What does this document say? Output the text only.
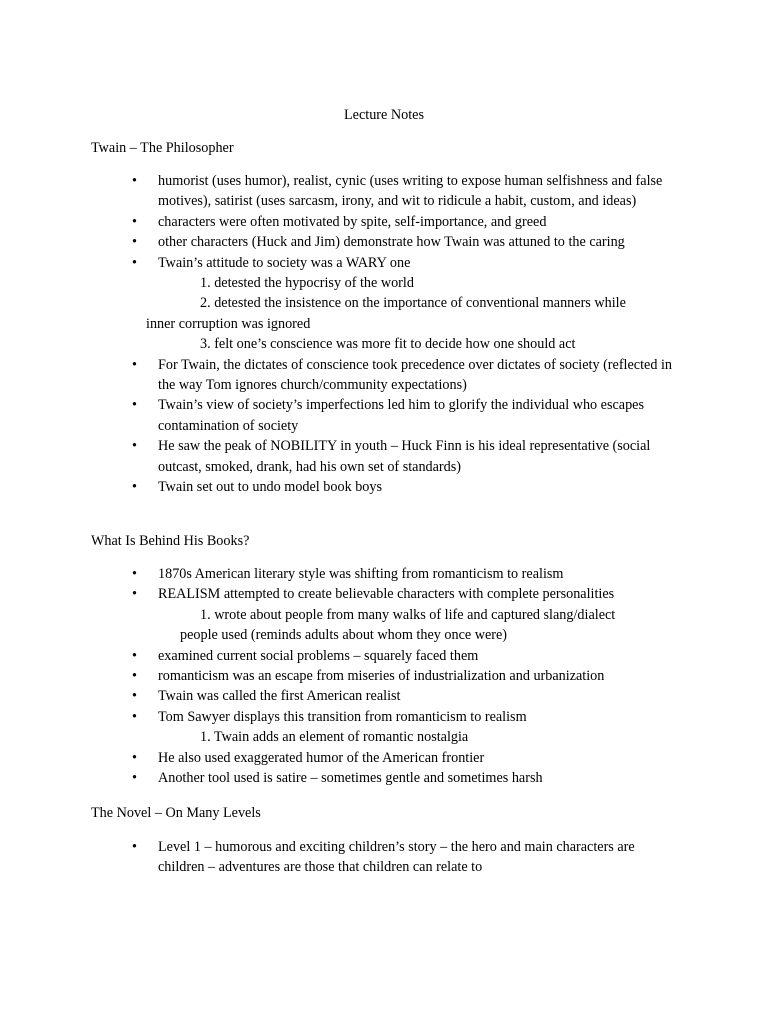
Lecture Notes
Twain – The Philosopher
• humorist (uses humor), realist, cynic (uses writing to expose human selfishness and false motives), satirist (uses sarcasm, irony, and wit to ridicule a habit, custom, and ideas)
• characters were often motivated by spite, self-importance, and greed
• other characters (Huck and Jim) demonstrate how Twain was attuned to the caring
• Twain’s attitude to society was a WARY one
1. detested the hypocrisy of the world
2. detested the insistence on the importance of conventional manners while
inner corruption was ignored
3. felt one’s conscience was more fit to decide how one should act
• For Twain, the dictates of conscience took precedence over dictates of society (reflected in the way Tom ignores church/community expectations)
• Twain’s view of society’s imperfections led him to glorify the individual who escapes contamination of society
• He saw the peak of NOBILITY in youth – Huck Finn is his ideal representative (social outcast, smoked, drank, had his own set of standards)
• Twain set out to undo model book boys
What Is Behind His Books?
• 1870s American literary style was shifting from romanticism to realism
• REALISM attempted to create believable characters with complete personalities
1. wrote about people from many walks of life and captured slang/dialect
people used (reminds adults about whom they once were)
• examined current social problems – squarely faced them
• romanticism was an escape from miseries of industrialization and urbanization
• Twain was called the first American realist
• Tom Sawyer displays this transition from romanticism to realism
1. Twain adds an element of romantic nostalgia
• He also used exaggerated humor of the American frontier
• Another tool used is satire – sometimes gentle and sometimes harsh
The Novel – On Many Levels
• Level 1 – humorous and exciting children’s story – the hero and main characters are children – adventures are those that children can relate to
